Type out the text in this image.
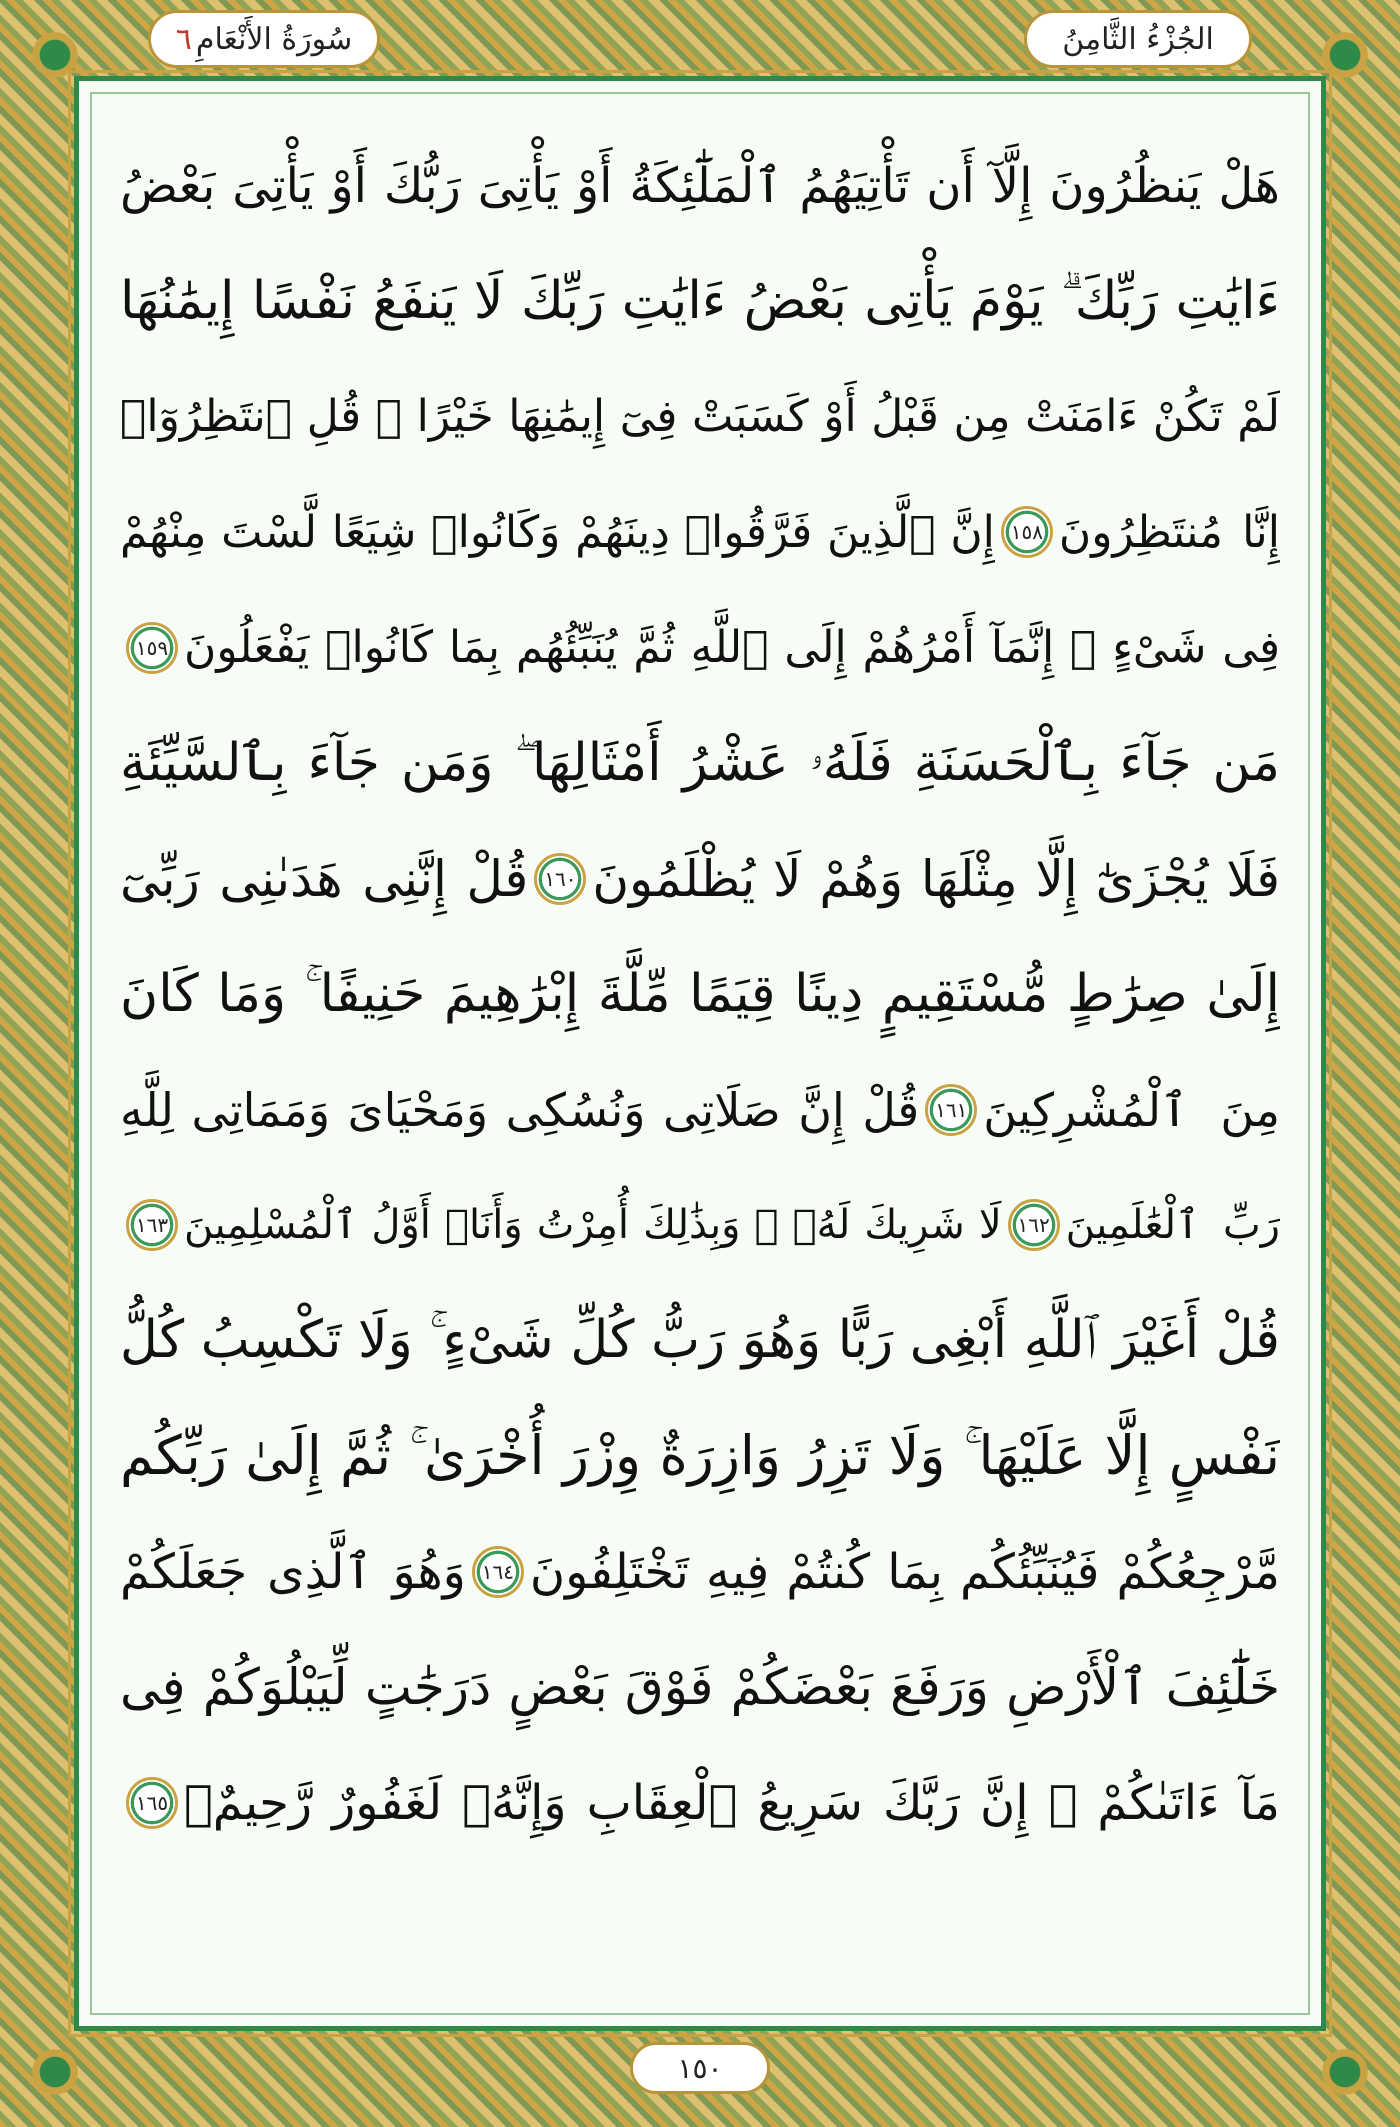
الجُزْءُ الثَّامِنُ
سُورَةُ الأَنْعَامِ
٦
هَلْ يَنظُرُونَ إِلَّآ أَن تَأْتِيَهُمُ ٱلْمَلَٰٓئِكَةُ أَوْ يَأْتِىَ رَبُّكَ أَوْ يَأْتِىَ بَعْضُ
ءَايَٰتِ رَبِّكَ ۗ يَوْمَ يَأْتِى بَعْضُ ءَايَٰتِ رَبِّكَ لَا يَنفَعُ نَفْسًا إِيمَٰنُهَا
لَمْ تَكُنْ ءَامَنَتْ مِن قَبْلُ أَوْ كَسَبَتْ فِىٓ إِيمَٰنِهَا خَيْرًا ۗ قُلِ ٱنتَظِرُوٓا۟
إِنَّا مُنتَظِرُونَ
١٥٨
إِنَّ ٱلَّذِينَ فَرَّقُوا۟ دِينَهُمْ وَكَانُوا۟ شِيَعًا لَّسْتَ مِنْهُمْ
فِى شَىْءٍ ۚ إِنَّمَآ أَمْرُهُمْ إِلَى ٱللَّهِ ثُمَّ يُنَبِّئُهُم بِمَا كَانُوا۟ يَفْعَلُونَ
١٥٩
مَن جَآءَ بِٱلْحَسَنَةِ فَلَهُۥ عَشْرُ أَمْثَالِهَا ۖ وَمَن جَآءَ بِٱلسَّيِّئَةِ
فَلَا يُجْزَىٰٓ إِلَّا مِثْلَهَا وَهُمْ لَا يُظْلَمُونَ
١٦٠
قُلْ إِنَّنِى هَدَىٰنِى رَبِّىٓ
إِلَىٰ صِرَٰطٍ مُّسْتَقِيمٍ دِينًا قِيَمًا مِّلَّةَ إِبْرَٰهِيمَ حَنِيفًا ۚ وَمَا كَانَ
مِنَ ٱلْمُشْرِكِينَ
١٦١
قُلْ إِنَّ صَلَاتِى وَنُسُكِى وَمَحْيَاىَ وَمَمَاتِى لِلَّهِ
رَبِّ ٱلْعَٰلَمِينَ
١٦٢
لَا شَرِيكَ لَهُۥ ۖ وَبِذَٰلِكَ أُمِرْتُ وَأَنَا۠ أَوَّلُ ٱلْمُسْلِمِينَ
١٦٣
قُلْ أَغَيْرَ ٱللَّهِ أَبْغِى رَبًّا وَهُوَ رَبُّ كُلِّ شَىْءٍ ۚ وَلَا تَكْسِبُ كُلُّ
نَفْسٍ إِلَّا عَلَيْهَا ۚ وَلَا تَزِرُ وَازِرَةٌ وِزْرَ أُخْرَىٰ ۚ ثُمَّ إِلَىٰ رَبِّكُم
مَّرْجِعُكُمْ فَيُنَبِّئُكُم بِمَا كُنتُمْ فِيهِ تَخْتَلِفُونَ
١٦٤
وَهُوَ ٱلَّذِى جَعَلَكُمْ
خَلَٰٓئِفَ ٱلْأَرْضِ وَرَفَعَ بَعْضَكُمْ فَوْقَ بَعْضٍ دَرَجَٰتٍ لِّيَبْلُوَكُمْ فِى
مَآ ءَاتَىٰكُمْ ۗ إِنَّ رَبَّكَ سَرِيعُ ٱلْعِقَابِ وَإِنَّهُۥ لَغَفُورٌ رَّحِيمٌۢ
١٦٥
١٥٠
